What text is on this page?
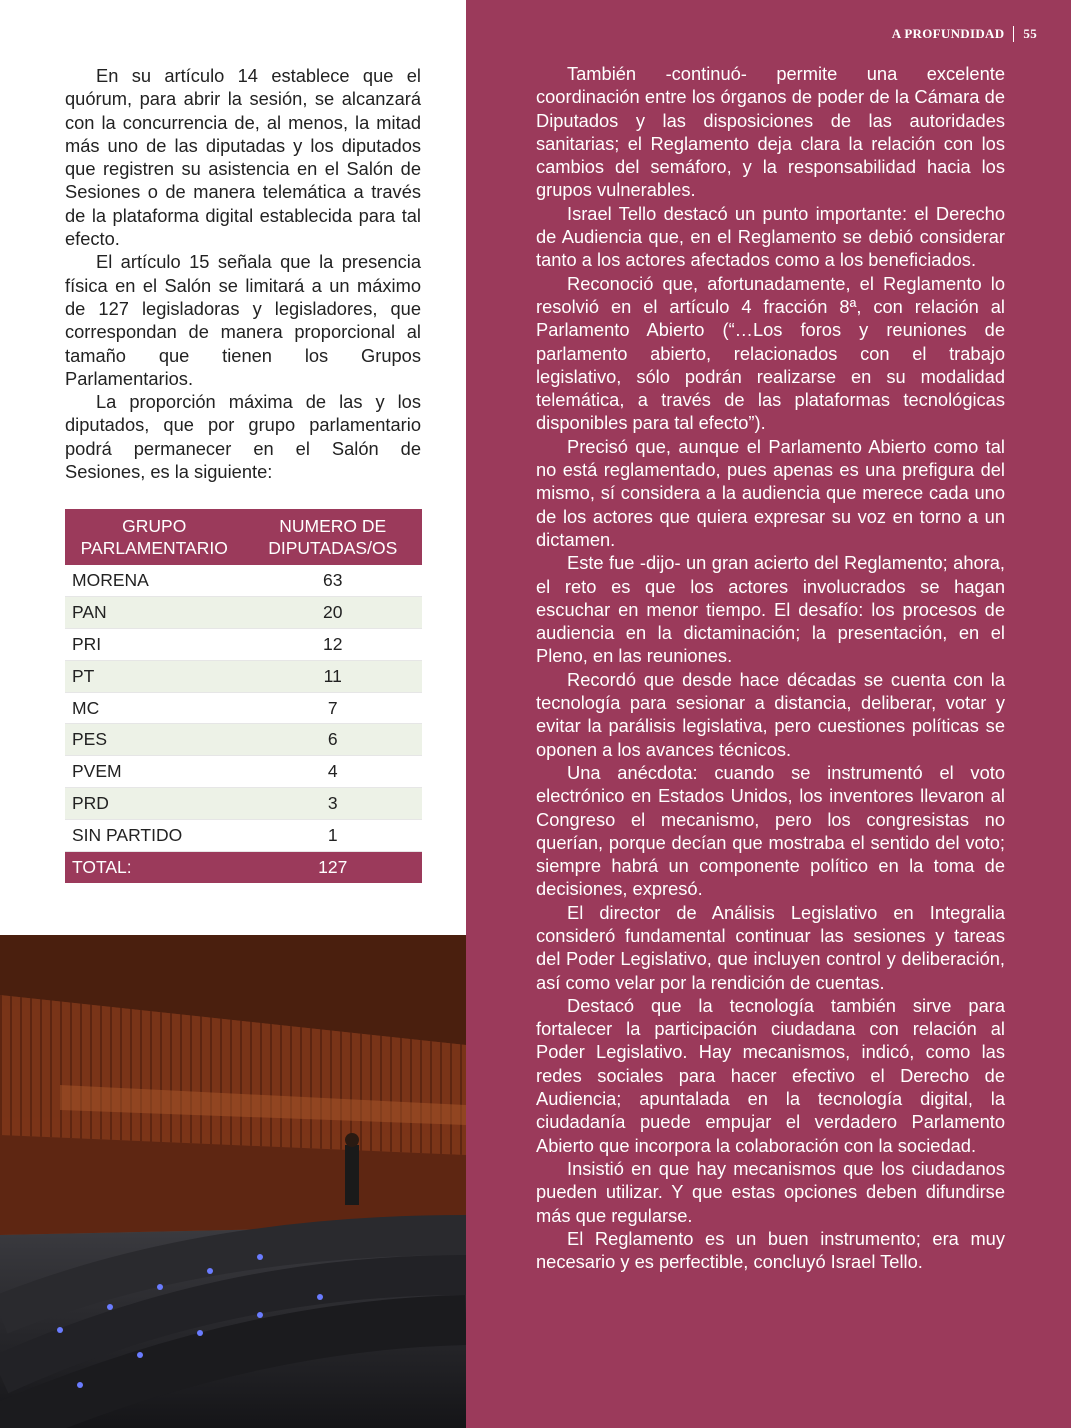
A PROFUNDIDAD 55

En su artículo 14 establece que el quórum, para abrir la sesión, se alcanzará con la concurrencia de, al menos, la mitad más uno de las diputadas y los diputados que registren su asistencia en el Salón de Sesiones o de manera telemática a través de la plataforma digital establecida para tal efecto.

El artículo 15 señala que la presencia física en el Salón se limitará a un máximo de 127 legisladoras y legisladores, que correspondan de manera proporcional al tamaño que tienen los Grupos Parlamentarios.

La proporción máxima de las y los diputados, que por grupo parlamentario podrá permanecer en el Salón de Sesiones, es la siguiente:

GRUPO PARLAMENTARIO	NUMERO DE DIPUTADAS/OS
MORENA	63
PAN	20
PRI	12
PT	11
MC	7
PES	6
PVEM	4
PRD	3
SIN PARTIDO	1
TOTAL:	127

También -continuó- permite una excelente coordinación entre los órganos de poder de la Cámara de Diputados y las disposiciones de las autoridades sanitarias; el Reglamento deja clara la relación con los cambios del semáforo, y la responsabilidad hacia los grupos vulnerables.

Israel Tello destacó un punto importante: el Derecho de Audiencia que, en el Reglamento se debió considerar tanto a los actores afectados como a los beneficiados.

Reconoció que, afortunadamente, el Reglamento lo resolvió en el artículo 4 fracción 8ª, con relación al Parlamento Abierto (“…Los foros y reuniones de parlamento abierto, relacionados con el trabajo legislativo, sólo podrán realizarse en su modalidad telemática, a través de las plataformas tecnológicas disponibles para tal efecto”).

Precisó que, aunque el Parlamento Abierto como tal no está reglamentado, pues apenas es una prefigura del mismo, sí considera a la audiencia que merece cada uno de los actores que quiera expresar su voz en torno a un dictamen.

Este fue -dijo- un gran acierto del Reglamento; ahora, el reto es que los actores involucrados se hagan escuchar en menor tiempo. El desafío: los procesos de audiencia en la dictaminación; la presentación, en el Pleno, en las reuniones.

Recordó que desde hace décadas se cuenta con la tecnología para sesionar a distancia, deliberar, votar y evitar la parálisis legislativa, pero cuestiones políticas se oponen a los avances técnicos.

Una anécdota: cuando se instrumentó el voto electrónico en Estados Unidos, los inventores llevaron al Congreso el mecanismo, pero los congresistas no querían, porque decían que mostraba el sentido del voto; siempre habrá un componente político en la toma de decisiones, expresó.

El director de Análisis Legislativo en Integralia consideró fundamental continuar las sesiones y tareas del Poder Legislativo, que incluyen control y deliberación, así como velar por la rendición de cuentas.

Destacó que la tecnología también sirve para fortalecer la participación ciudadana con relación al Poder Legislativo. Hay mecanismos, indicó, como las redes sociales para hacer efectivo el Derecho de Audiencia; apuntalada en la tecnología digital, la ciudadanía puede empujar el verdadero Parlamento Abierto que incorpora la colaboración con la sociedad.

Insistió en que hay mecanismos que los ciudadanos pueden utilizar. Y que estas opciones deben difundirse más que regularse.

El Reglamento es un buen instrumento; era muy necesario y es perfectible, concluyó Israel Tello.
